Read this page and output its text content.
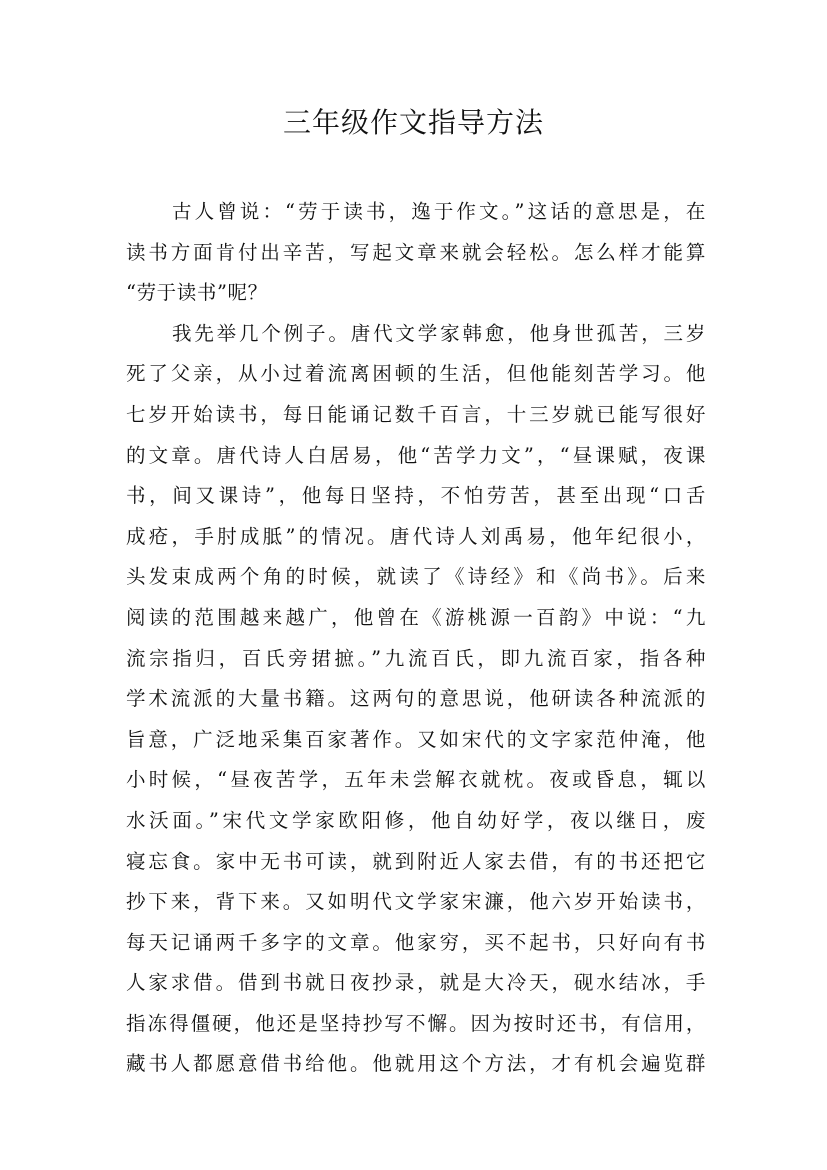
三年级作文指导方法
古人曾说：“劳于读书，逸于作文。”这话的意思是，在
读书方面肯付出辛苦，写起文章来就会轻松。怎么样才能算
“劳于读书”呢？
我先举几个例子。唐代文学家韩愈，他身世孤苦，三岁
死了父亲，从小过着流离困顿的生活，但他能刻苦学习。他
七岁开始读书，每日能诵记数千百言，十三岁就已能写很好
的文章。唐代诗人白居易，他“苦学力文”，“昼课赋，夜课
书，间又课诗”，他每日坚持，不怕劳苦，甚至出现“口舌
成疮，手肘成胝”的情况。唐代诗人刘禹易，他年纪很小，
头发束成两个角的时候，就读了《诗经》和《尚书》。后来
阅读的范围越来越广，他曾在《游桃源一百韵》中说：“九
流宗指归，百氏旁捃摭。”九流百氏，即九流百家，指各种
学术流派的大量书籍。这两句的意思说，他研读各种流派的
旨意，广泛地采集百家著作。又如宋代的文字家范仲淹，他
小时候，“昼夜苦学，五年未尝解衣就枕。夜或昏息，辄以
水沃面。”宋代文学家欧阳修，他自幼好学，夜以继日，废
寝忘食。家中无书可读，就到附近人家去借，有的书还把它
抄下来，背下来。又如明代文学家宋濂，他六岁开始读书，
每天记诵两千多字的文章。他家穷，买不起书，只好向有书
人家求借。借到书就日夜抄录，就是大冷天，砚水结冰，手
指冻得僵硬，他还是坚持抄写不懈。因为按时还书，有信用，
藏书人都愿意借书给他。他就用这个方法，才有机会遍览群
